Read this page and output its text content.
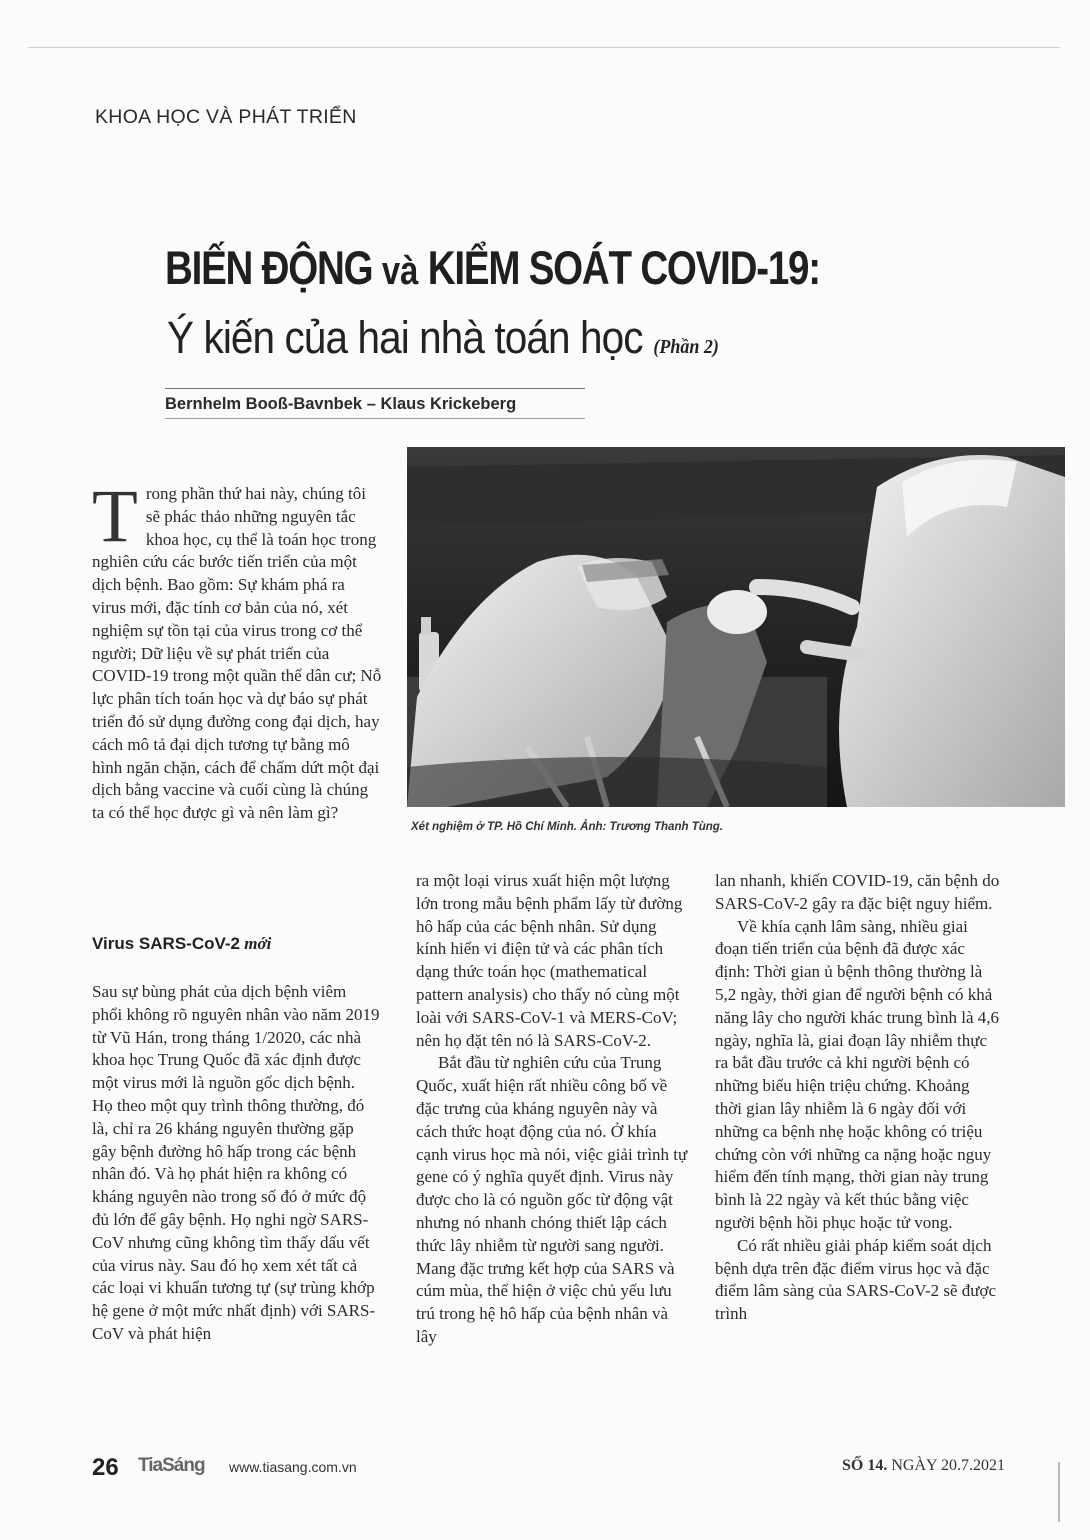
KHOA HỌC VÀ PHÁT TRIỂN
BIẾN ĐỘNG và KIỂM SOÁT COVID-19:
Ý kiến của hai nhà toán học (Phần 2)
Bernhelm Booß-Bavnbek – Klaus Krickeberg
Xét nghiệm ở TP. Hồ Chí Minh. Ảnh: Trương Thanh Tùng.
Trong phần thứ hai này, chúng tôi sẽ phác thảo những nguyên tắc khoa học, cụ thể là toán học trong nghiên cứu các bước tiến triển của một dịch bệnh. Bao gồm: Sự khám phá ra virus mới, đặc tính cơ bản của nó, xét nghiệm sự tồn tại của virus trong cơ thể người; Dữ liệu về sự phát triển của COVID-19 trong một quần thể dân cư; Nỗ lực phân tích toán học và dự báo sự phát triển đó sử dụng đường cong đại dịch, hay cách mô tả đại dịch tương tự bằng mô hình ngăn chặn, cách để chấm dứt một đại dịch bằng vaccine và cuối cùng là chúng ta có thể học được gì và nên làm gì?
Virus SARS-CoV-2 mới

Sau sự bùng phát của dịch bệnh viêm phổi không rõ nguyên nhân vào năm 2019 từ Vũ Hán, trong tháng 1/2020, các nhà khoa học Trung Quốc đã xác định được một virus mới là nguồn gốc dịch bệnh. Họ theo một quy trình thông thường, đó là, chỉ ra 26 kháng nguyên thường gặp gây bệnh đường hô hấp trong các bệnh nhân đó. Và họ phát hiện ra không có kháng nguyên nào trong số đó ở mức độ đủ lớn để gây bệnh. Họ nghi ngờ SARS-CoV nhưng cũng không tìm thấy dấu vết của virus này. Sau đó họ xem xét tất cả các loại vi khuẩn tương tự (sự trùng khớp hệ gene ở một mức nhất định) với SARS-CoV và phát hiện

ra một loại virus xuất hiện một lượng lớn trong mẫu bệnh phẩm lấy từ đường hô hấp của các bệnh nhân. Sử dụng kính hiển vi điện tử và các phân tích dạng thức toán học (mathematical pattern analysis) cho thấy nó cùng một loài với SARS-CoV-1 và MERS-CoV; nên họ đặt tên nó là SARS-CoV-2.

Bắt đầu từ nghiên cứu của Trung Quốc, xuất hiện rất nhiều công bố về đặc trưng của kháng nguyên này và cách thức hoạt động của nó. Ở khía cạnh virus học mà nói, việc giải trình tự gene có ý nghĩa quyết định. Virus này được cho là có nguồn gốc từ động vật nhưng nó nhanh chóng thiết lập cách thức lây nhiễm từ người sang người. Mang đặc trưng kết hợp của SARS và cúm mùa, thể hiện ở việc chủ yếu lưu trú trong hệ hô hấp của bệnh nhân và lây

lan nhanh, khiến COVID-19, căn bệnh do SARS-CoV-2 gây ra đặc biệt nguy hiểm.

Về khía cạnh lâm sàng, nhiều giai đoạn tiến triển của bệnh đã được xác định: Thời gian ủ bệnh thông thường là 5,2 ngày, thời gian để người bệnh có khả năng lây cho người khác trung bình là 4,6 ngày, nghĩa là, giai đoạn lây nhiễm thực ra bắt đầu trước cả khi người bệnh có những biểu hiện triệu chứng. Khoảng thời gian lây nhiễm là 6 ngày đối với những ca bệnh nhẹ hoặc không có triệu chứng còn với những ca nặng hoặc nguy hiểm đến tính mạng, thời gian này trung bình là 22 ngày và kết thúc bằng việc người bệnh hồi phục hoặc tử vong.

Có rất nhiều giải pháp kiểm soát dịch bệnh dựa trên đặc điểm virus học và đặc điểm lâm sàng của SARS-CoV-2 sẽ được trình

26 TiaSáng www.tiasang.com.vn	SỐ 14. NGÀY 20.7.2021
